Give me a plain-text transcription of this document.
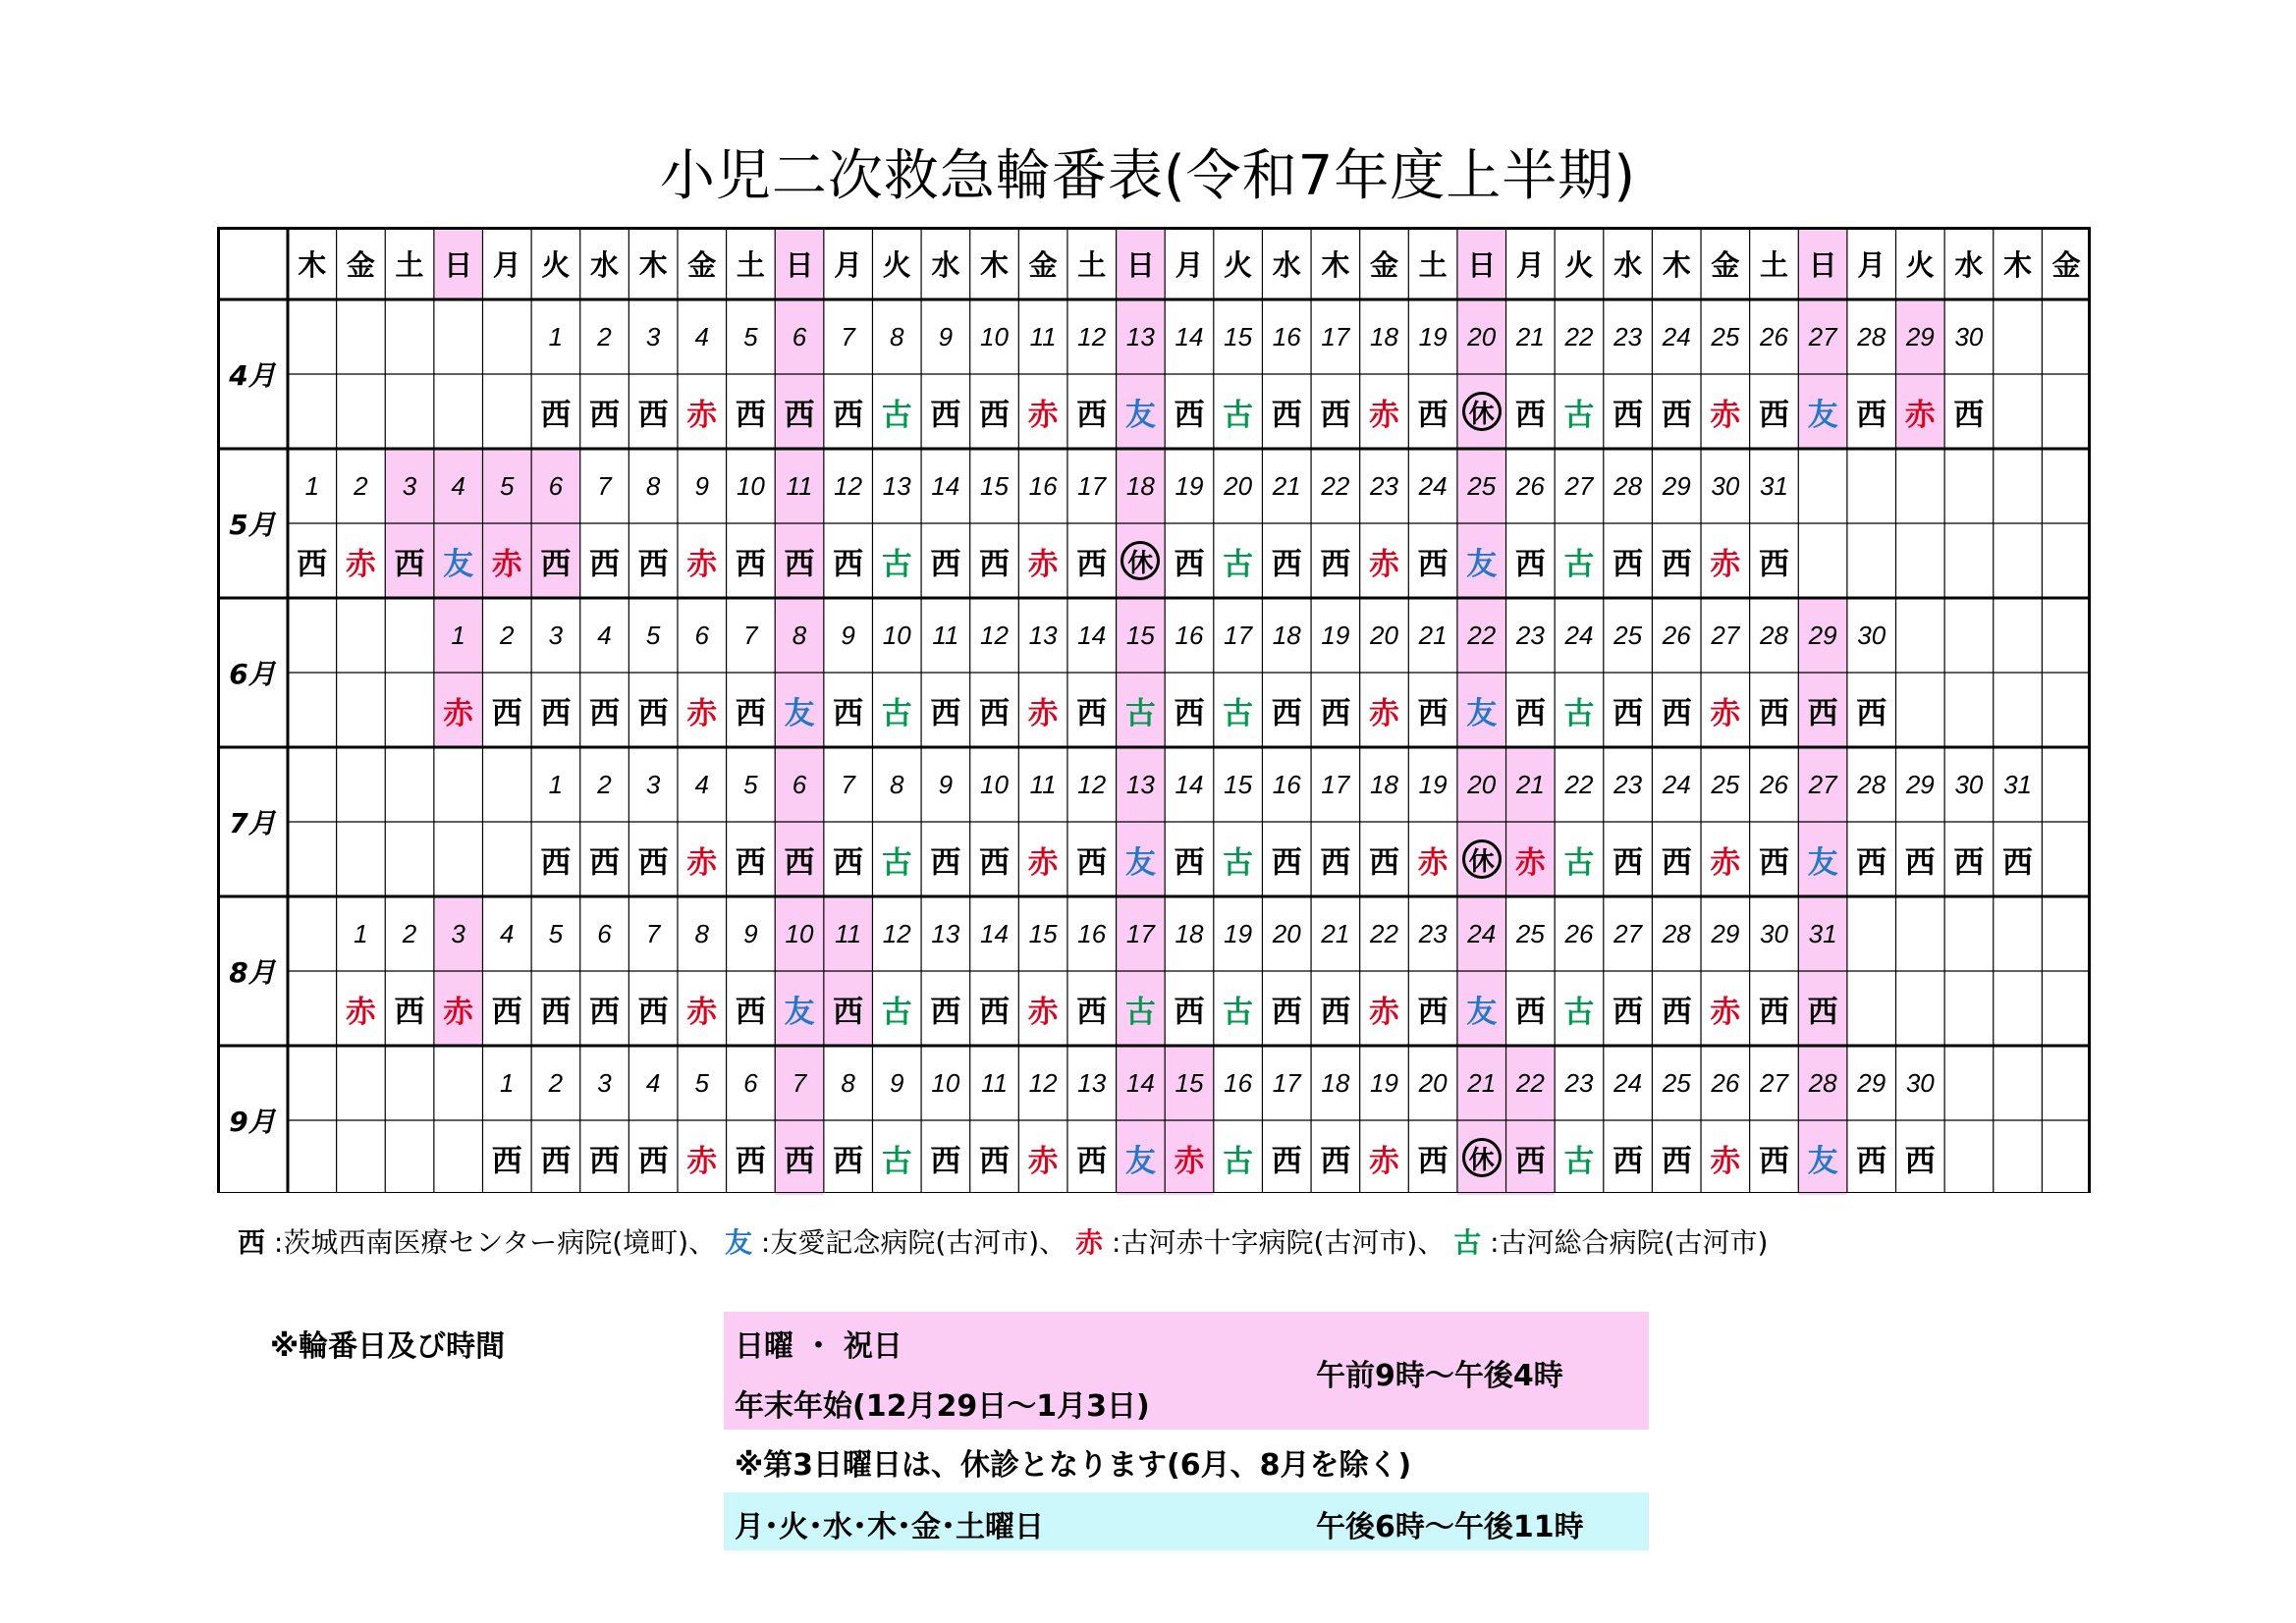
小児二次救急輪番表(令和7年度上半期)
木 金 土 日 月 火 水 木 金 土 日 月 火 水 木 金 土 日 月 火 水 木 金 土 日 月 火 水 木 金 土 日 月 火 水 木 金
4月
1
西
2
西
3
西
4
赤
5
西
6
西
7
西
8
古
9
西
10
西
11
赤
12
西
13
友
14
西
15
古
16
西
17
西
18
赤
19
西
20
休
21
西
22
古
23
西
24
西
25
赤
26
西
27
友
28
西
29
赤
30
西
5月
1
西
2
赤
3
西
4
友
5
赤
6
西
7
西
8
西
9
赤
10
西
11
西
12
西
13
古
14
西
15
西
16
赤
17
西
18
休
19
西
20
古
21
西
22
西
23
赤
24
西
25
友
26
西
27
古
28
西
29
西
30
赤
31
西
6月
1
赤
2
西
3
西
4
西
5
西
6
赤
7
西
8
友
9
西
10
古
11
西
12
西
13
赤
14
西
15
古
16
西
17
古
18
西
19
西
20
赤
21
西
22
友
23
西
24
古
25
西
26
西
27
赤
28
西
29
西
30
西
7月
1
西
2
西
3
西
4
赤
5
西
6
西
7
西
8
古
9
西
10
西
11
赤
12
西
13
友
14
西
15
古
16
西
17
西
18
西
19
赤
20
休
21
赤
22
古
23
西
24
西
25
赤
26
西
27
友
28
西
29
西
30
西
31
西
8月
1
赤
2
西
3
赤
4
西
5
西
6
西
7
西
8
赤
9
西
10
友
11
西
12
古
13
西
14
西
15
赤
16
西
17
古
18
西
19
古
20
西
21
西
22
赤
23
西
24
友
25
西
26
古
27
西
28
西
29
赤
30
西
31
西
9月
1
西
2
西
3
西
4
西
5
赤
6
西
7
西
8
西
9
古
10
西
11
西
12
赤
13
西
14
友
15
赤
16
古
17
西
18
西
19
赤
20
西
21
休
22
西
23
古
24
西
25
西
26
赤
27
西
28
友
29
西
30
西
西 :茨城西南医療センター病院(境町)、 友 :友愛記念病院(古河市)、 赤 :古河赤十字病院(古河市)、 古 :古河総合病院(古河市)
※輪番日及び時間	日曜 ・ 祝日
年末年始(12月29日～1月3日)
午前9時～午後4時
※第3日曜日は、休診となります(6月、8月を除く)
月･火･水･木･金･土曜日	午後6時～午後11時
